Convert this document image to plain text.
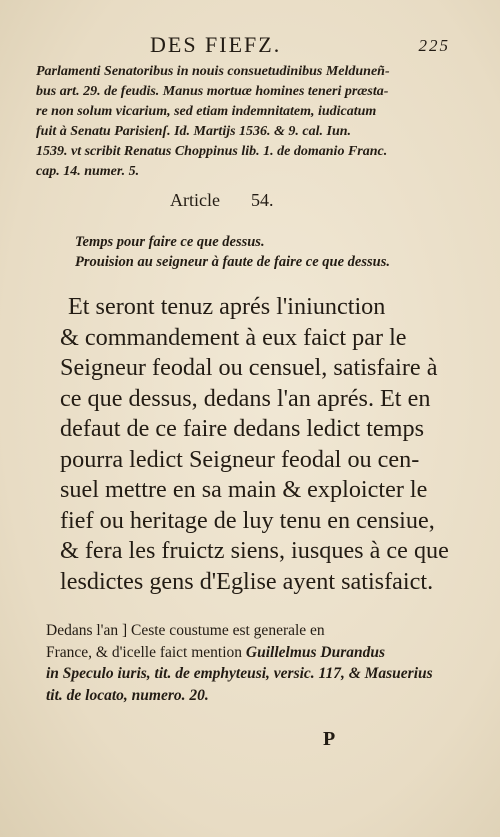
DES FIEFZ.	225
Parlamenti Senatoribus in nouis consuetudinibus Melduneñ-
bus art. 29. de feudis. Manus mortuæ homines teneri præsta-
re non solum vicarium, sed etiam indemnitatem, iudicatum
fuit à Senatu Parisienſ. Id. Martijs 1536. & 9. cal. Iun.
1539. vt scribit Renatus Choppinus lib. 1. de domanio Franc.
cap. 14. numer. 5.
Article 54.
Temps pour faire ce que dessus.
Prouision au seigneur à faute de faire ce que dessus.
Et seront tenuz aprés l'iniunction
& commandement à eux faict par le
Seigneur feodal ou censuel, satisfaire à
ce que dessus, dedans l'an aprés. Et en
defaut de ce faire dedans ledict temps
pourra ledict Seigneur feodal ou cen-
suel mettre en sa main & exploicter le
fief ou heritage de luy tenu en censiue,
& fera les fruictz siens, iusques à ce que
lesdictes gens d'Eglise ayent satisfaict.
Dedans l'an ] Ceste coustume est generale en
France, & d'icelle faict mention Guillelmus Durandus
in Speculo iuris, tit. de emphyteusi, versic. 117, & Masuerius
tit. de locato, numero. 20.
P
